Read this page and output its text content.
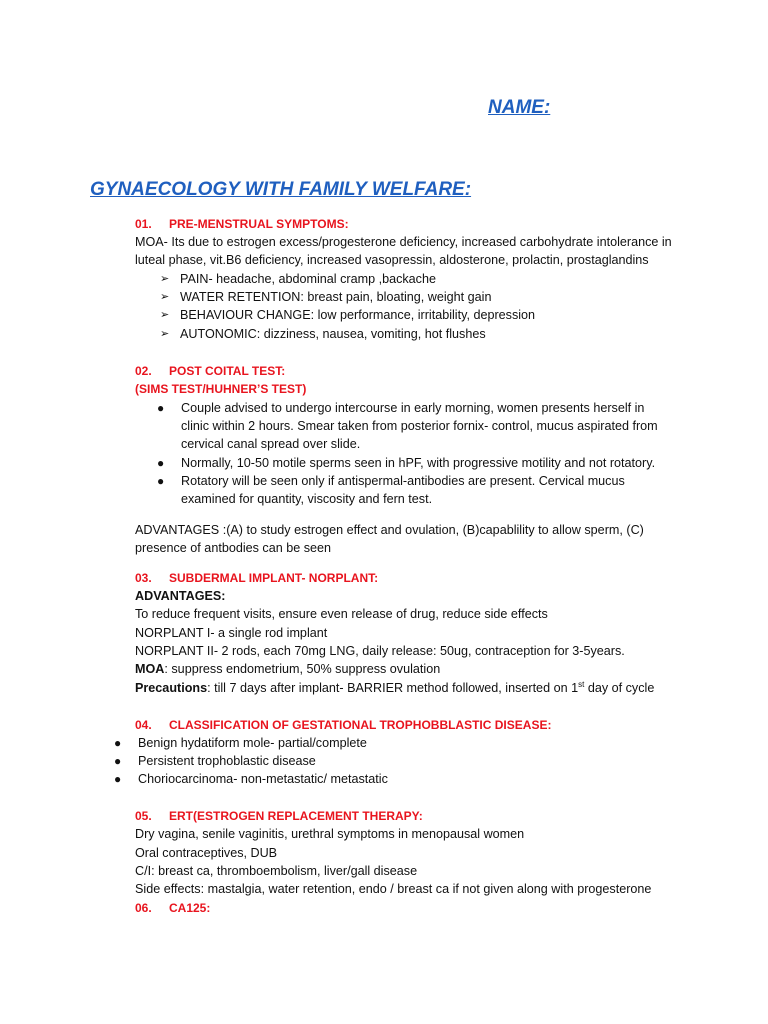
NAME:
GYNAECOLOGY WITH FAMILY WELFARE:
01. PRE-MENSTRUAL SYMPTOMS:
MOA- Its due to estrogen excess/progesterone deficiency, increased carbohydrate intolerance in
luteal phase, vit.B6 deficiency, increased vasopressin, aldosterone, prolactin, prostaglandins
➢ PAIN- headache, abdominal cramp ,backache
➢ WATER RETENTION: breast pain, bloating, weight gain
➢ BEHAVIOUR CHANGE: low performance, irritability, depression
➢ AUTONOMIC: dizziness, nausea, vomiting, hot flushes
02. POST COITAL TEST:
(SIMS TEST/HUHNER’S TEST)
● Couple advised to undergo intercourse in early morning, women presents herself in
clinic within 2 hours. Smear taken from posterior fornix- control, mucus aspirated from
cervical canal spread over slide.
● Normally, 10-50 motile sperms seen in hPF, with progressive motility and not rotatory.
● Rotatory will be seen only if antispermal-antibodies are present. Cervical mucus
examined for quantity, viscosity and fern test.
ADVANTAGES :(A) to study estrogen effect and ovulation, (B)capablility to allow sperm, (C)
presence of antbodies can be seen
03. SUBDERMAL IMPLANT- NORPLANT:
ADVANTAGES:
To reduce frequent visits, ensure even release of drug, reduce side effects
NORPLANT I- a single rod implant
NORPLANT II- 2 rods, each 70mg LNG, daily release: 50ug, contraception for 3-5years.
MOA: suppress endometrium, 50% suppress ovulation
Precautions: till 7 days after implant- BARRIER method followed, inserted on 1st day of cycle
04. CLASSIFICATION OF GESTATIONAL TROPHOBBLASTIC DISEASE:
● Benign hydatiform mole- partial/complete
● Persistent trophoblastic disease
● Choriocarcinoma- non-metastatic/ metastatic
05. ERT(ESTROGEN REPLACEMENT THERAPY:
Dry vagina, senile vaginitis, urethral symptoms in menopausal women
Oral contraceptives, DUB
C/I: breast ca, thromboembolism, liver/gall disease
Side effects: mastalgia, water retention, endo / breast ca if not given along with progesterone
06. CA125:
